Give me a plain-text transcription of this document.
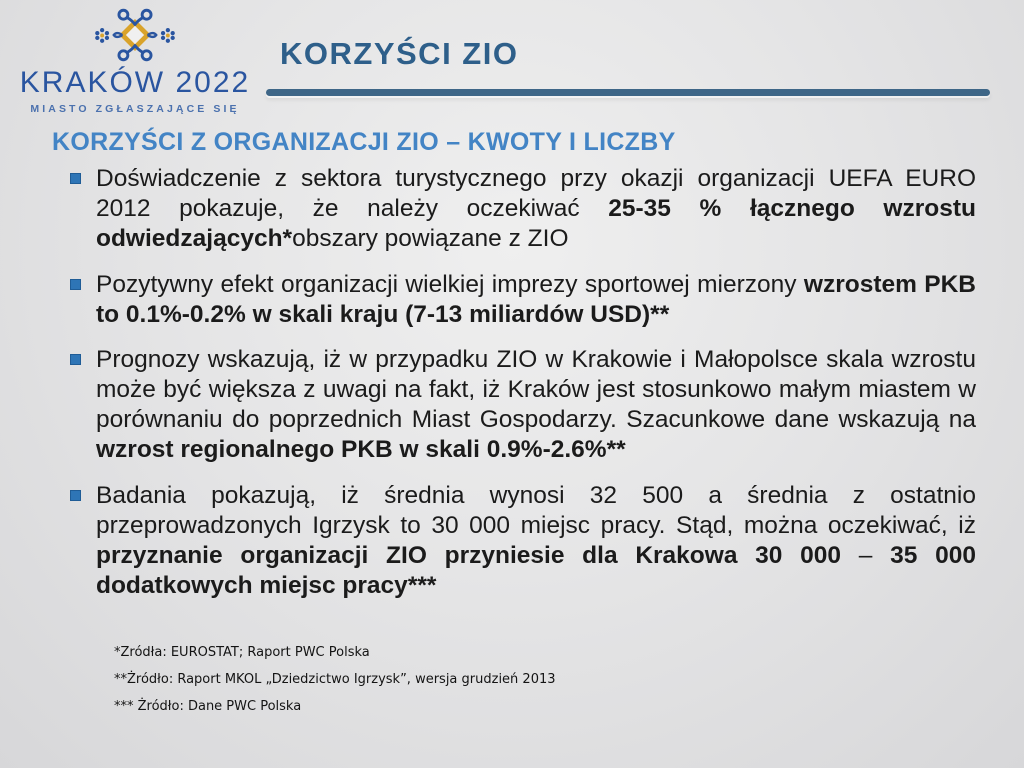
KRAKÓW 2022
MIASTO ZGŁASZAJĄCE SIĘ
KORZYŚCI ZIO
KORZYŚCI Z ORGANIZACJI ZIO – KWOTY I LICZBY
Doświadczenie z sektora turystycznego przy okazji organizacji UEFA EURO 2012 pokazuje, że należy oczekiwać 25-35 % łącznego wzrostu odwiedzających*obszary powiązane z ZIO
Pozytywny efekt organizacji wielkiej imprezy sportowej mierzony wzrostem PKB to 0.1%-0.2% w skali kraju (7-13 miliardów USD)**
Prognozy wskazują, iż w przypadku ZIO w Krakowie i Małopolsce skala wzrostu może być większa z uwagi na fakt, iż Kraków jest stosunkowo małym miastem w porównaniu do poprzednich Miast Gospodarzy. Szacunkowe dane wskazują na wzrost regionalnego PKB w skali 0.9%-2.6%**
Badania pokazują, iż średnia wynosi 32 500 a średnia z ostatnio przeprowadzonych Igrzysk to 30 000 miejsc pracy. Stąd, można oczekiwać, iż przyznanie organizacji ZIO przyniesie dla Krakowa 30 000 – 35 000 dodatkowych miejsc pracy***

*Zródła: EUROSTAT; Raport PWC Polska

**Żródło: Raport MKOL „Dziedzictwo Igrzysk”, wersja grudzień 2013

*** Żródło: Dane PWC Polska
